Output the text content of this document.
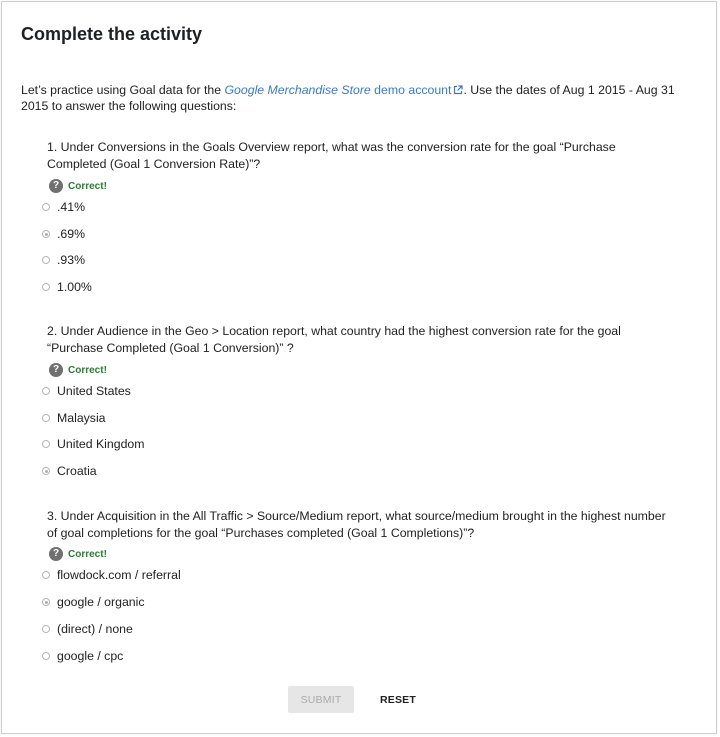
Complete the activity
Let’s practice using Goal data for the Google Merchandise Store demo account . Use the dates of Aug 1 2015 - Aug 31 2015 to answer the following questions:
1. Under Conversions in the Goals Overview report, what was the conversion rate for the goal “Purchase Completed (Goal 1 Conversion Rate)”?
? Correct!
.41%
.69%
.93%
1.00%
2. Under Audience in the Geo > Location report, what country had the highest conversion rate for the goal “Purchase Completed (Goal 1 Conversion)” ?
? Correct!
United States
Malaysia
United Kingdom
Croatia
3. Under Acquisition in the All Traffic > Source/Medium report, what source/medium brought in the highest number of goal completions for the goal “Purchases completed (Goal 1 Completions)”?
? Correct!
flowdock.com / referral
google / organic
(direct) / none
google / cpc
SUBMIT	RESET
